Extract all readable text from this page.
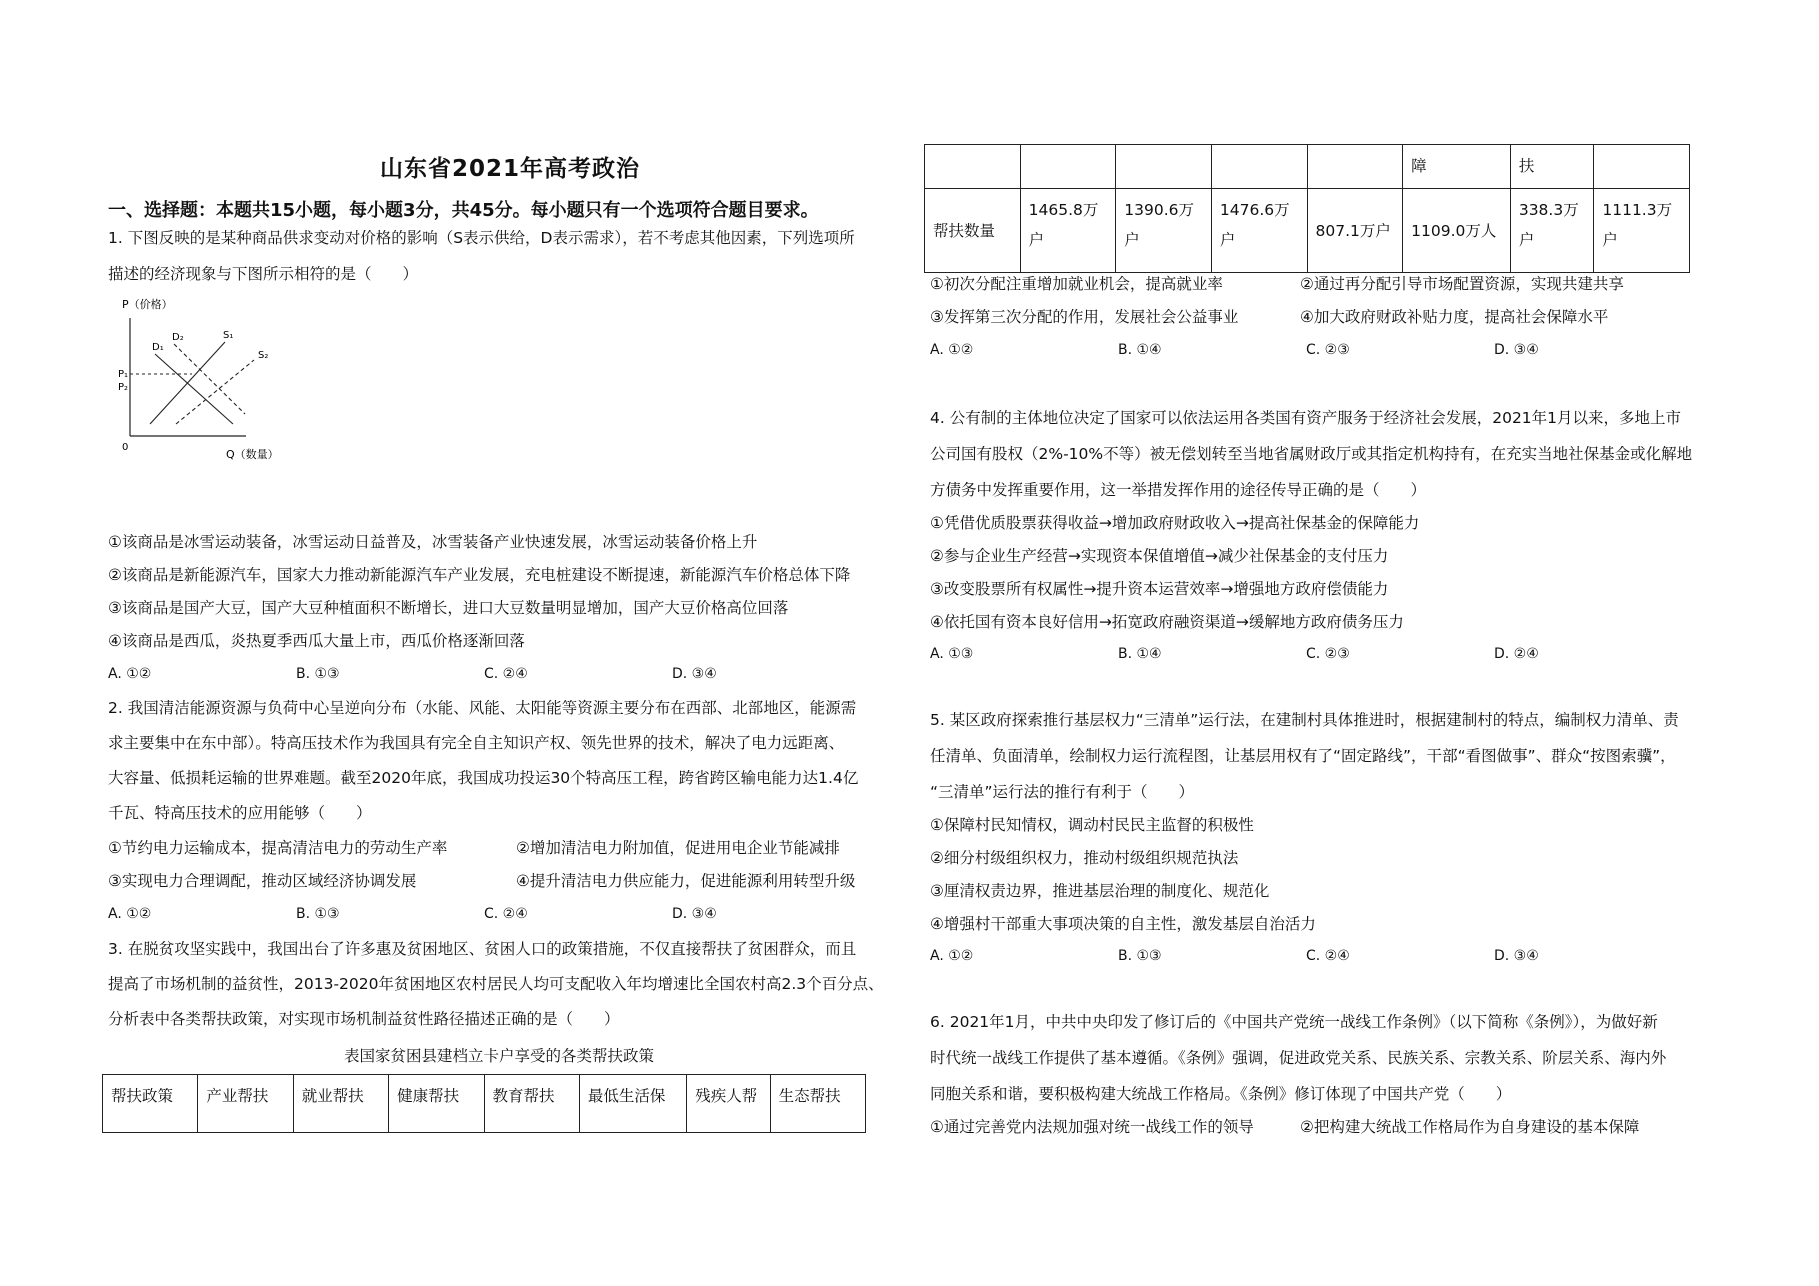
山东省2021年高考政治
一、选择题：本题共15小题，每小题3分，共45分。每小题只有一个选项符合题目要求。
1. 下图反映的是某种商品供求变动对价格的影响（S表示供给，D表示需求），若不考虑其他因素，下列选项所
描述的经济现象与下图所示相符的是（　　）
P（价格）
Q（数量）
0
P₁
P₂
D₁
D₂	S₁
S₂
①该商品是冰雪运动装备，冰雪运动日益普及，冰雪装备产业快速发展，冰雪运动装备价格上升
②该商品是新能源汽车，国家大力推动新能源汽车产业发展，充电桩建设不断提速，新能源汽车价格总体下降
③该商品是国产大豆，国产大豆种植面积不断增长，进口大豆数量明显增加，国产大豆价格高位回落
④该商品是西瓜，炎热夏季西瓜大量上市，西瓜价格逐渐回落
A. ①②	B. ①③	C. ②④	D. ③④
2. 我国清洁能源资源与负荷中心呈逆向分布（水能、风能、太阳能等资源主要分布在西部、北部地区，能源需
求主要集中在东中部）。特高压技术作为我国具有完全自主知识产权、领先世界的技术，解决了电力远距离、
大容量、低损耗运输的世界难题。截至2020年底，我国成功投运30个特高压工程，跨省跨区输电能力达1.4亿
千瓦、特高压技术的应用能够（　　）
①节约电力运输成本，提高清洁电力的劳动生产率	②增加清洁电力附加值，促进用电企业节能减排
③实现电力合理调配，推动区域经济协调发展	④提升清洁电力供应能力，促进能源利用转型升级
A. ①②	B. ①③	C. ②④	D. ③④
3. 在脱贫攻坚实践中，我国出台了许多惠及贫困地区、贫困人口的政策措施，不仅直接帮扶了贫困群众，而且
提高了市场机制的益贫性，2013-2020年贫困地区农村居民人均可支配收入年均增速比全国农村高2.3个百分点、
分析表中各类帮扶政策，对实现市场机制益贫性路径描述正确的是（　　）
表国家贫困县建档立卡户享受的各类帮扶政策
帮扶政策	产业帮扶	就业帮扶	健康帮扶	教育帮扶	最低生活保	残疾人帮	生态帮扶
					障	扶	
帮扶数量	1465.8万户	1390.6万户	1476.6万户	807.1万户	1109.0万人	338.3万户	1111.3万户
①初次分配注重增加就业机会，提高就业率	②通过再分配引导市场配置资源，实现共建共享
③发挥第三次分配的作用，发展社会公益事业	④加大政府财政补贴力度，提高社会保障水平
A. ①②	B. ①④	C. ②③	D. ③④
4. 公有制的主体地位决定了国家可以依法运用各类国有资产服务于经济社会发展，2021年1月以来，多地上市
公司国有股权（2%-10%不等）被无偿划转至当地省属财政厅或其指定机构持有，在充实当地社保基金或化解地
方债务中发挥重要作用，这一举措发挥作用的途径传导正确的是（　　）
①凭借优质股票获得收益→增加政府财政收入→提高社保基金的保障能力
②参与企业生产经营→实现资本保值增值→减少社保基金的支付压力
③改变股票所有权属性→提升资本运营效率→增强地方政府偿债能力
④依托国有资本良好信用→拓宽政府融资渠道→缓解地方政府债务压力
A. ①③	B. ①④	C. ②③	D. ②④
5. 某区政府探索推行基层权力“三清单”运行法，在建制村具体推进时，根据建制村的特点，编制权力清单、责
任清单、负面清单，绘制权力运行流程图，让基层用权有了“固定路线”，干部“看图做事”、群众“按图索骥”，
“三清单”运行法的推行有利于（　　）
①保障村民知情权，调动村民民主监督的积极性
②细分村级组织权力，推动村级组织规范执法
③厘清权责边界，推进基层治理的制度化、规范化
④增强村干部重大事项决策的自主性，激发基层自治活力
A. ①②	B. ①③	C. ②④	D. ③④
6. 2021年1月，中共中央印发了修订后的《中国共产党统一战线工作条例》（以下简称《条例》），为做好新
时代统一战线工作提供了基本遵循。《条例》强调，促进政党关系、民族关系、宗教关系、阶层关系、海内外
同胞关系和谐，要积极构建大统战工作格局。《条例》修订体现了中国共产党（　　）
①通过完善党内法规加强对统一战线工作的领导	②把构建大统战工作格局作为自身建设的基本保障
